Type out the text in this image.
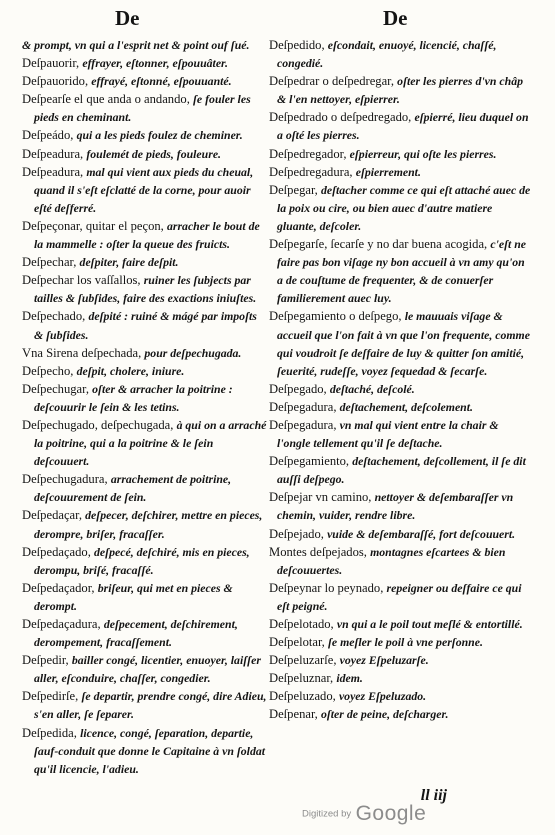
De	De
& prompt, vn qui a l'esprit net & point ouf ſué.
Deſpauorir, effrayer, eſtonner, eſpouuâter.
Deſpauorido, effrayé, eſtonné, eſpouuanté.
Deſpearſe el que anda o andando, ſe fouler les pieds en cheminant.
Deſpeádo, qui a les pieds foulez de cheminer.
Deſpeadura, foulemét de pieds, fouleure.
Deſpeadura, mal qui vient aux pieds du cheual, quand il s'eſt eſclatté de la corne, pour auoir eſté deſferré.
Deſpeçonar, quitar el peçon, arracher le bout de la mammelle : oſter la queue des fruicts.
Deſpechar, deſpiter, faire deſpit.
Deſpechar los vaſſallos, ruiner les ſubjects par tailles & ſubſides, faire des exactions iniuſtes.
Deſpechado, deſpité : ruiné & mágé par impoſts & ſubſides.
Vna Sirena deſpechada, pour deſpechugada.
Deſpecho, deſpit, cholere, iniure.
Deſpechugar, oſter & arracher la poitrine : deſcouurir le ſein & les tetins.
Deſpechugado, deſpechugada, à qui on a arraché la poitrine, qui a la poitrine & le ſein deſcouuert.
Deſpechugadura, arrachement de poitrine, deſcouurement de ſein.
Deſpedaçar, deſpecer, deſchirer, mettre en pieces, derompre, briſer, fracaſſer.
Deſpedaçado, deſpecé, deſchiré, mis en pieces, derompu, briſé, fracaſſé.
Deſpedaçador, briſeur, qui met en pieces & derompt.
Deſpedaçadura, deſpecement, deſchirement, derompement, fracaſſement.
Deſpedir, bailler congé, licentier, enuoyer, laiſſer aller, eſconduire, chaſſer, congedier.
Deſpedirſe, ſe departir, prendre congé, dire Adieu, s'en aller, ſe ſeparer.
Deſpedida, licence, congé, ſeparation, departie, ſauf-conduit que donne le Capitaine à vn ſoldat qu'il licencie, l'adieu.
Deſpedido, eſcondait, enuoyé, licencié, chaſſé, congedié.
Deſpedrar o deſpedregar, oſter les pierres d'vn châp & l'en nettoyer, eſpierrer.
Deſpedrado o deſpedregado, eſpierré, lieu duquel on a oſté les pierres.
Deſpedregador, eſpierreur, qui oſte les pierres.
Deſpedregadura, eſpierrement.
Deſpegar, deſtacher comme ce qui eſt attaché auec de la poix ou cire, ou bien auec d'autre matiere gluante, deſcoler.
Deſpegarſe, ſecarſe y no dar buena acogida, c'eſt ne faire pas bon viſage ny bon accueil à vn amy qu'on a de couſtume de frequenter, & de conuerſer familierement auec luy.
Deſpegamiento o deſpego, le mauuais viſage & accueil que l'on fait à vn que l'on frequente, comme qui voudroit ſe deſfaire de luy & quitter ſon amitié, ſeuerité, rudeſſe, voyez ſequedad & ſecarſe.
Deſpegado, deſtaché, deſcolé.
Deſpegadura, deſtachement, deſcolement.
Deſpegadura, vn mal qui vient entre la chair & l'ongle tellement qu'il ſe deſtache.
Deſpegamiento, deſtachement, deſcollement, il ſe dit auſſi deſpego.
Deſpejar vn camino, nettoyer & deſembaraſſer vn chemin, vuider, rendre libre.
Deſpejado, vuide & deſembaraſſé, fort deſcouuert.
Montes deſpejados, montagnes eſcartees & bien deſcouuertes.
Deſpeynar lo peynado, repeigner ou deſfaire ce qui eſt peigné.
Deſpelotado, vn qui a le poil tout meſlé & entortillé.
Deſpelotar, ſe meſler le poil à vne perſonne.
Deſpeluzarſe, voyez Eſpeluzarſe.
Deſpeluznar, idem.
Deſpeluzado, voyez Eſpeluzado.
Deſpenar, oſter de peine, deſcharger.
ll iij
Digitized by Google
